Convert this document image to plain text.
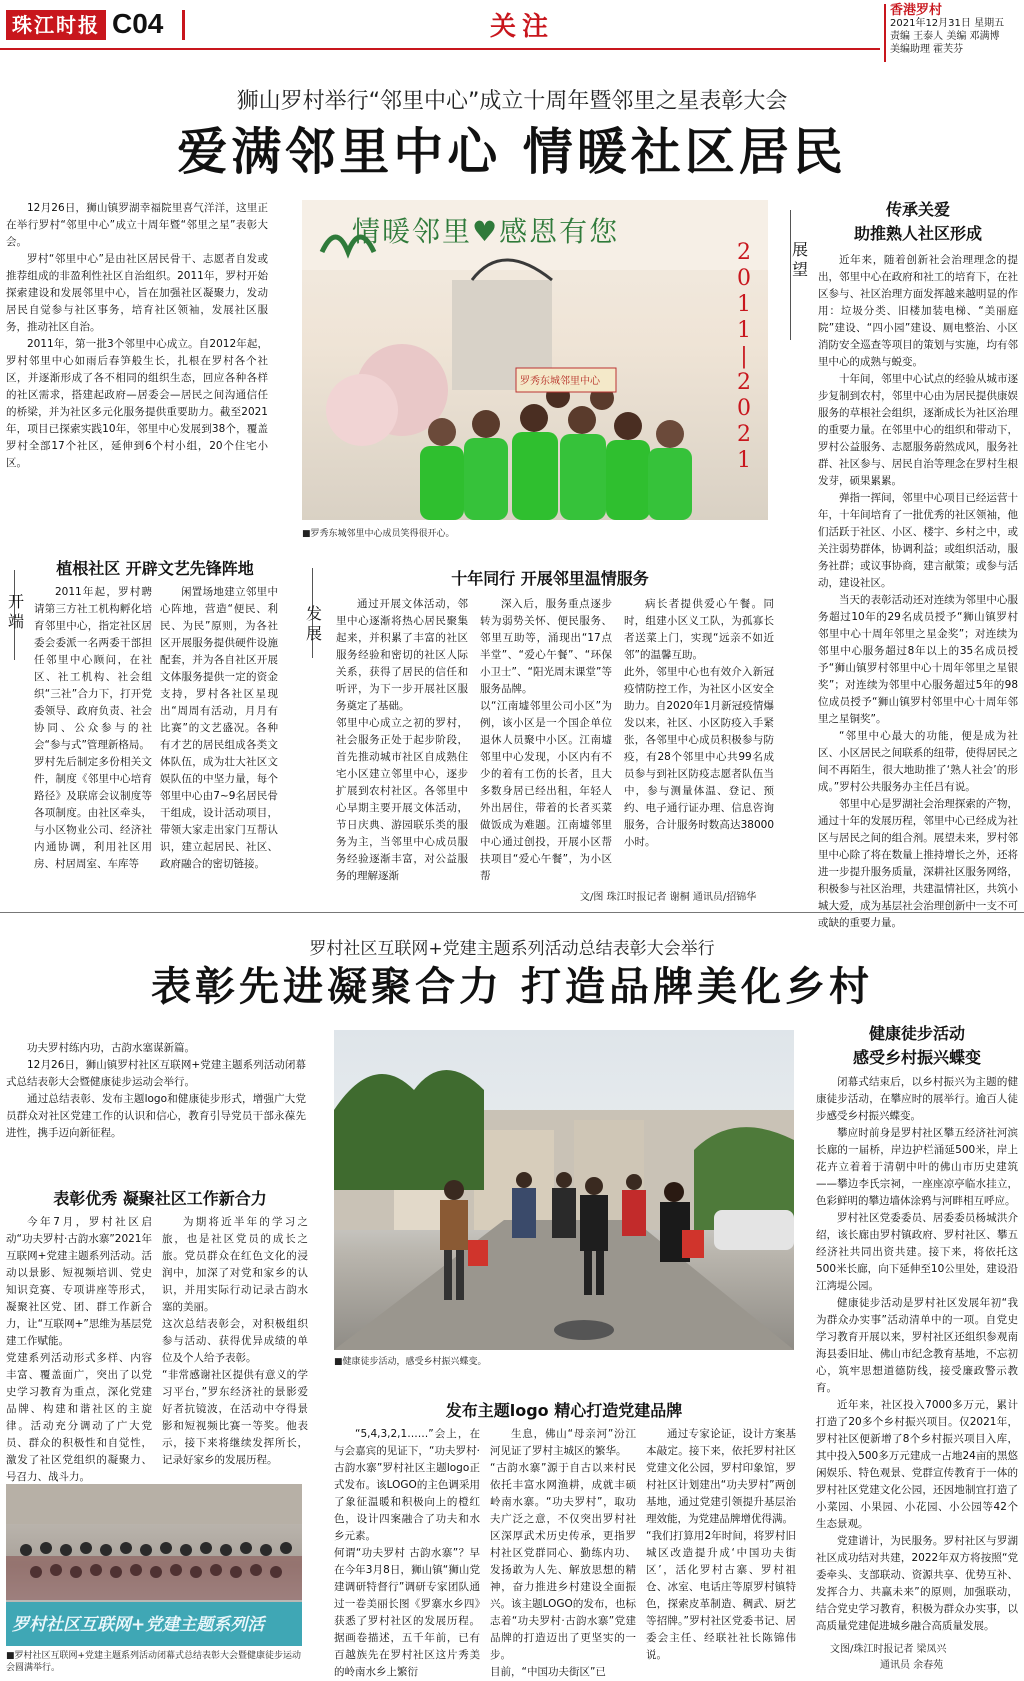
珠江时报 C04	关注
香港罗村
2021年12月31日 星期五
责编 王泰人 美编 邓满博
美编助理 霍芙芬
狮山罗村举行“邻里中心”成立十周年暨邻里之星表彰大会
爱满邻里中心 情暖社区居民

12月26日，狮山镇罗湖幸福院里喜气洋洋，这里正在举行罗村“邻里中心”成立十周年暨“邻里之星”表彰大会。

罗村“邻里中心”是由社区居民骨干、志愿者自发或推荐组成的非盈利性社区自治组织。2011年，罗村开始探索建设和发展邻里中心，旨在加强社区凝聚力，发动居民自觉参与社区事务，培育社区领袖，发展社区服务，推动社区自治。

2011年，第一批3个邻里中心成立。自2012年起，罗村邻里中心如雨后春笋般生长，扎根在罗村各个社区，并逐渐形成了各不相同的组织生态，回应各种各样的社区需求，搭建起政府—居委会—居民之间沟通信任的桥梁，并为社区多元化服务提供重要助力。截至2021年，项目已探索实践10年，邻里中心发展到38个，覆盖罗村全部17个社区，延伸到6个村小组，20个住宅小区。

情暖邻里♥感恩有您
2011 | 2021
罗秀东城邻里中心
■罗秀东城邻里中心成员笑得很开心。
展望
传承关爱
助推熟人社区形成

近年来，随着创新社会治理理念的提出，邻里中心在政府和社工的培育下，在社区参与、社区治理方面发挥越来越明显的作用：垃圾分类、旧楼加装电梯、“美丽庭院”建设、“四小园”建设、厕电整治、小区消防安全巡查等项目的策划与实施，均有邻里中心的成熟与蜕变。

十年间，邻里中心试点的经验从城市逐步复制到农村，邻里中心由为居民提供康娱服务的草根社会组织，逐渐成长为社区治理的重要力量。在邻里中心的组织和带动下，罗村公益服务、志愿服务蔚然成风，服务社群、社区参与、居民自治等理念在罗村生根发芽，硕果累累。

弹指一挥间，邻里中心项目已经运营十年，十年间培育了一批优秀的社区领袖，他们活跃于社区、小区、楼宇、乡村之中，或关注弱势群体，协调利益；或组织活动，服务社群；或议事协商，建言献策；或参与活动，建设社区。

当天的表彰活动还对连续为邻里中心服务超过10年的29名成员授予“狮山镇罗村邻里中心十周年邻里之星金奖”；对连续为邻里中心服务超过8年以上的35名成员授予“狮山镇罗村邻里中心十周年邻里之星银奖”；对连续为邻里中心服务超过5年的98位成员授予“狮山镇罗村邻里中心十周年邻里之星铜奖”。

“邻里中心最大的功能，便是成为社区、小区居民之间联系的纽带，使得居民之间不再陌生，很大地助推了‘熟人社会’的形成。”罗村公共服务办主任吕有说。

邻里中心是罗湖社会治理探索的产物，通过十年的发展历程，邻里中心已经成为社区与居民之间的组合剂。展望未来，罗村邻里中心除了将在数量上推持增长之外，还将进一步提升服务质量，深耕社区服务网络，积极参与社区治理，共建温情社区，共筑小城大爱，成为基层社会治理创新中一支不可或缺的重要力量。

植根社区 开辟文艺先锋阵地
开端
2011年起，罗村聘请第三方社工机构孵化培育邻里中心，指定社区居委会委派一名两委干部担任邻里中心顾问，在社区、社工机构、社会组织“三社”合力下，打开党委领导、政府负责、社会协同、公众参与的社会“参与式”管理新格局。
罗村先后制定多份相关文件，制度《邻里中心培育路径》及联席会议制度等各项制度。由社区牵头，与小区物业公司、经济社内通协调，利用社区用房、村居周室、车库等
闲置场地建立邻里中心阵地，营造“便民、利民、为民”原则，为各社区开展服务提供硬件设施配套，并为各自社区开展文体服务提供一定的资金支持，罗村各社区星现出“周周有活动，月月有比赛”的文艺盛况。各种有才艺的居民组成各类文体队伍，成为壮大社区文娱队伍的中坚力量，每个邻里中心由7~9名居民骨干组成，设计活动项目，带领大家走出家门互帮认识，建立起居民、社区、政府融合的密切链接。
十年同行 开展邻里温情服务
发展
通过开展文体活动，邻里中心逐渐将热心居民聚集起来，并积累了丰富的社区服务经验和密切的社区人际关系，获得了居民的信任和听评，为下一步开展社区服务奠定了基础。
邻里中心成立之初的罗村，社会服务正处于起步阶段，首先推动城市社区自成熟住宅小区建立邻里中心，逐步扩展到农村社区。各邻里中心早期主要开展文体活动，节日庆典、游园联乐类的服务为主，当邻里中心成员服务经验逐渐丰富，对公益服务的理解逐渐
深入后，服务重点逐步转为弱势关怀、便民服务、邻里互助等，涌现出“17点半堂”、“爱心午餐”、“环保小卫士”、“阳光周末课堂”等服务品牌。
以“江南墟邻里公司小区”为例，该小区是一个国企单位退休人员聚中小区。江南墟邻里中心发现，小区内有不少的着有工伤的长者，且大多数身居已经出租，年轻人外出居住，带着的长者买菜做饭成为难题。江南墟邻里中心通过创投，开展小区帮扶项目“爱心午餐”，为小区帮
病长者提供爱心午餐。同时，组建小区义工队，为孤寡长者送菜上门，实现“远亲不如近邻”的温馨互助。
此外，邻里中心也有效介入新冠疫情防控工作，为社区小区安全助力。自2020年1月新冠疫情爆发以来，社区、小区防疫入手紧张，各邻里中心成员积极参与防疫，有28个邻里中心共99名成员参与到社区防疫志愿者队伍当中，参与测量体温、登记、预约、电子通行证办理、信息咨询服务，合计服务时数高达38000小时。
文/图 珠江时报记者 谢桐 通讯员/招锦华
罗村社区互联网+党建主题系列活动总结表彰大会举行
表彰先进凝聚合力 打造品牌美化乡村

功夫罗村练内功，古韵水塞谋新篇。

12月26日，狮山镇罗村社区互联网+党建主题系列活动闭幕式总结表彰大会暨健康徒步运动会举行。

通过总结表彰、发布主题logo和健康徒步形式，增强广大党员群众对社区党建工作的认识和信心，教育引导党员干部永葆先进性，携手迈向新征程。

表彰优秀 凝聚社区工作新合力
今年7月，罗村社区启动“功夫罗村·古韵水寨”2021年互联网+党建主题系列活动。活动以景影、短视频培训、党史知识竞赛、专项讲座等形式，凝聚社区党、团、群工作新合力，让“互联网+”思维为基层党建工作赋能。
党建系列活动形式多样、内容丰富、覆盖面广，突出了以党史学习教育为重点，深化党建品牌、构建和谐社区的主旋律。活动充分调动了广大党员、群众的积极性和自觉性，激发了社区党组织的凝聚力、号召力、战斗力。
为期将近半年的学习之旅，也是社区党员的成长之旅。党员群众在红色文化的浸润中，加深了对党和家乡的认识，并用实际行动记录古韵水塞的美丽。
这次总结表彰会，对积极组织参与活动、获得优异成绩的单位及个人给予表彰。
“非常感谢社区提供有意义的学习平台，”罗东经济社的景影爱好者抗镜波，在活动中夺得景影和短视频比赛一等奖。他表示，接下来将继续发挥所长，记录好家乡的发展历程。
罗村社区互联网+党建主题系列活
■罗村社区互联网+党建主题系列活动闭幕式总结表彰大会暨健康徒步运动会圆满举行。
■健康徒步活动，感受乡村振兴蝶变。
健康徒步活动
感受乡村振兴蝶变

闭幕式结束后，以乡村振兴为主题的健康徒步活动，在攀应时的展举行。逾百人徒步感受乡村振兴蝶变。

攀应时前身是罗村社区攀五经济社河滨长廊的一届桥，岸边护栏涌延500米，岸上花卉立着着于清朝中叶的佛山市历史建筑——攀边李氏宗祠，一座座凉亭临水挂立，色彩鲜明的攀边墙体涂鸦与河畔相互呼应。

罗村社区党委委员、居委委员杨城洪介绍，该长廊由罗村镇政府、罗村社区、攀五经济社共同出资共建。接下来，将依托这500米长廊，向下延伸至10公里处，建设沿江湾堤公园。

健康徒步活动是罗村社区发展年初“我为群众办实事”活动清单中的一项。自党史学习教育开展以来，罗村社区还组织参观南海县委旧址、佛山市纪念教育基地，不忘初心，筑牢思想道德防线，接受廉政警示教育。

近年来，社区投入7000多万元，累计打造了20多个乡村振兴项目。仅2021年，罗村社区便新增了8个乡村振兴项目入库，其中投入500多万元建成一占地24亩的黑悠闲娱乐、特色观景、党群宣传教育于一体的罗村社区党建文化公园，还因地制宜打造了小菜园、小果园、小花园、小公园等42个生态景观。

党建谱计，为民服务。罗村社区与罗湖社区成功结对共建，2022年双方将按照“党委牵头、支部联动、资源共享、优势互补、发挥合力、共赢未来”的原则，加强联动，结合党史学习教育，积极为群众办实事，以高质量党建促进城乡融合高质量发展。

文图/珠江时报记者 梁凤兴
通讯员 余春苑
发布主题logo 精心打造党建品牌
“5,4,3,2,1……”会上，在与会嘉宾的见证下，“功夫罗村·古韵水寨”罗村社区主题logo正式发布。该LOGO的主色调采用了象征温暖和积极向上的橙红色，设计四案融合了功夫和水乡元素。
何谓“功夫罗村 古韵水寨”？早在今年3月8日，狮山镇“狮山党建调研特督行”调研专家团队通过一卷美丽长图《罗寨水乡四》获悉了罗村社区的发展历程。据画卷描述，五千年前，已有百越族先在罗村社区这片秀美的岭南水乡上繁衍
生息，佛山“母亲河”汾江河见证了罗村主城区的繁华。
“古韵水寨”源于自古以来村民依托丰富水网渔耕，成就丰硕岭南水寨。“功夫罗村”，取功夫广泛之意，不仅突出罗村社区深厚武术历史传承，更指罗村社区党群同心、勤练内功、发扬敢为人先、解放思想的精神，奋力推进乡村建设全面振兴。该主题LOGO的发布，也标志着“功夫罗村·古韵水寨”党建品牌的打造迈出了更坚实的一步。
目前，“中国功夫街区”已
通过专家论证，设计方案基本敲定。接下来，依托罗村社区党建文化公园，罗村印象馆，罗村社区计划建出“功夫罗村”两创基地，通过党建引领提升基层治理效能，为党建品牌增优得满。
“我们打算用2年时间，将罗村旧城区改造提升成‘中国功夫街区’，活化罗村古寨、罗村祖仓、冰室、电话庄等原罗村镇特色，探索皮革制造、稠武、厨艺等招牌。”罗村社区党委书记、居委会主任、经联社社长陈锦伟说。
